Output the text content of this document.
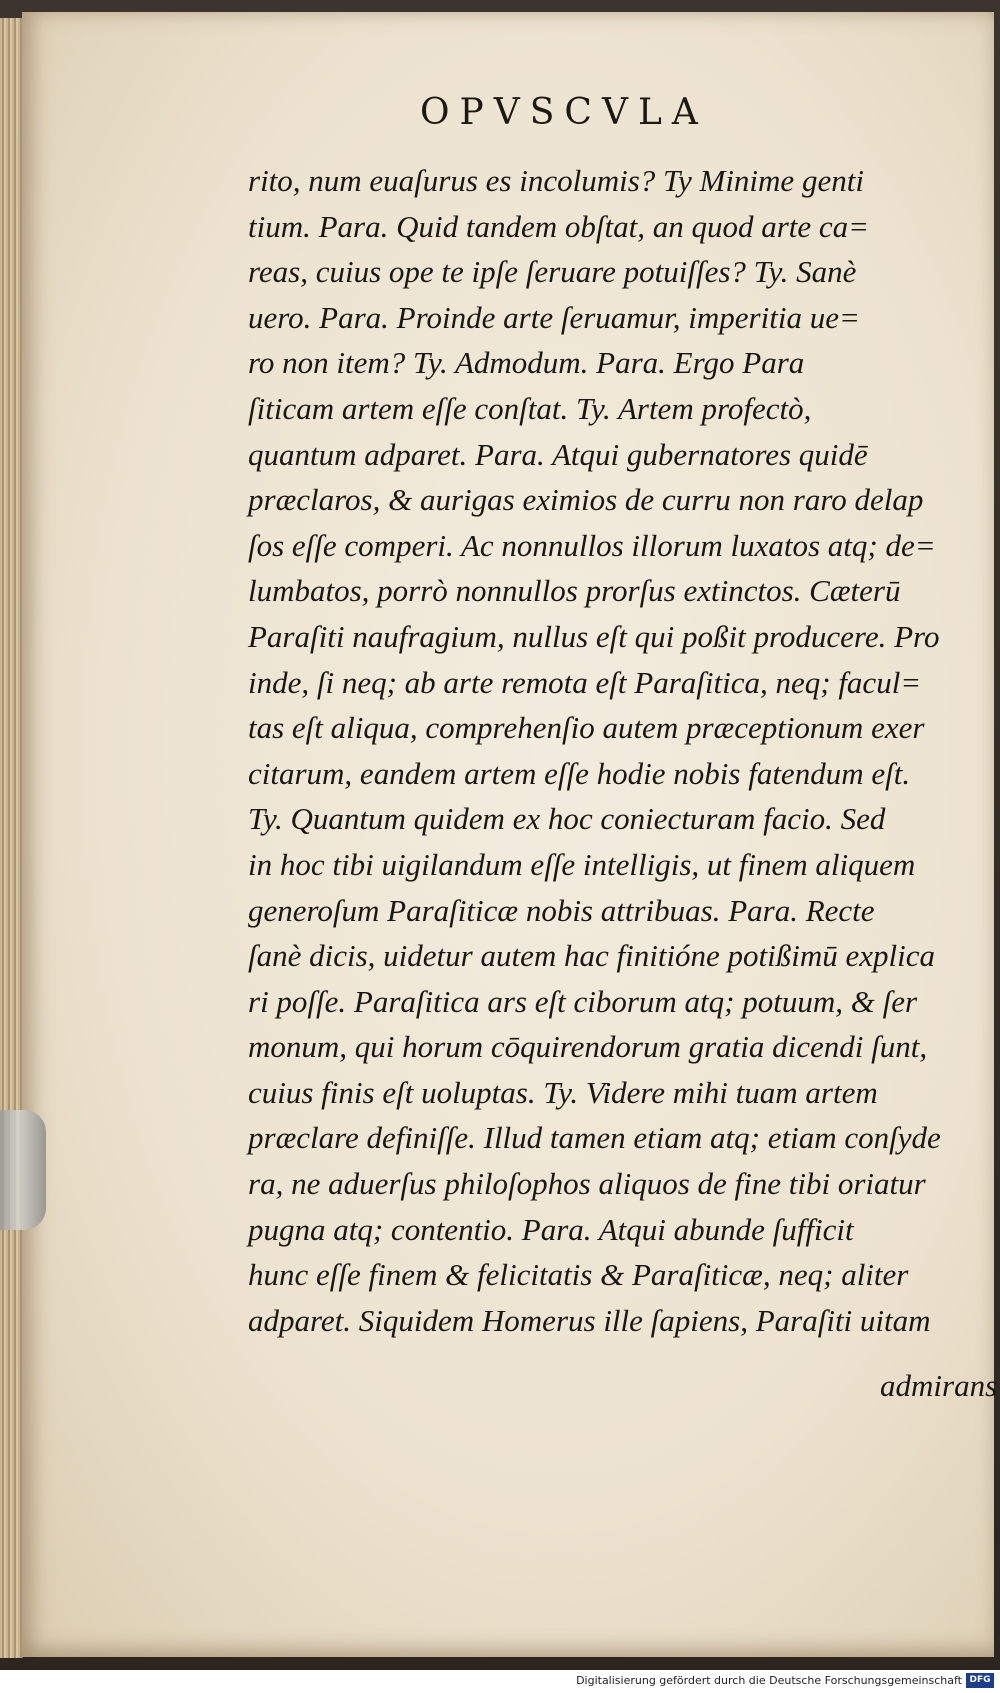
OPVSCVLA
rito, num euaſurus es incolumis? Ty Minime genti
tium. Para. Quid tandem obſtat, an quod arte ca=
reas, cuius ope te ipſe ſeruare potuiſſes? Ty. Sanè
uero. Para. Proinde arte ſeruamur, imperitia ue=
ro non item? Ty. Admodum. Para. Ergo Para
ſiticam artem eſſe conſtat. Ty. Artem profectò,
quantum adparet. Para. Atqui gubernatores quidē
præclaros, & aurigas eximios de curru non raro delap
ſos eſſe comperi. Ac nonnullos illorum luxatos atq; de=
lumbatos, porrò nonnullos prorſus extinctos. Cæterū
Paraſiti naufragium, nullus eſt qui poßit producere. Pro
inde, ſi neq; ab arte remota eſt Paraſitica, neq; facul=
tas eſt aliqua, comprehenſio autem præceptionum exer
citarum, eandem artem eſſe hodie nobis fatendum eſt.
Ty. Quantum quidem ex hoc coniecturam facio. Sed
in hoc tibi uigilandum eſſe intelligis, ut finem aliquem
generoſum Paraſiticæ nobis attribuas. Para. Recte
ſanè dicis, uidetur autem hac finitióne potißimū explica
ri poſſe. Paraſitica ars eſt ciborum atq; potuum, & ſer
monum, qui horum cōquirendorum gratia dicendi ſunt,
cuius finis eſt uoluptas. Ty. Videre mihi tuam artem
præclare definiſſe. Illud tamen etiam atq; etiam conſyde
ra, ne aduerſus philoſophos aliquos de fine tibi oriatur
pugna atq; contentio. Para. Atqui abunde ſufficit
hunc eſſe finem & felicitatis & Paraſiticæ, neq; aliter
adparet. Siquidem Homerus ille ſapiens, Paraſiti uitam
admirans
Digitalisierung gefördert durch die Deutsche Forschungsgemeinschaft DFG
